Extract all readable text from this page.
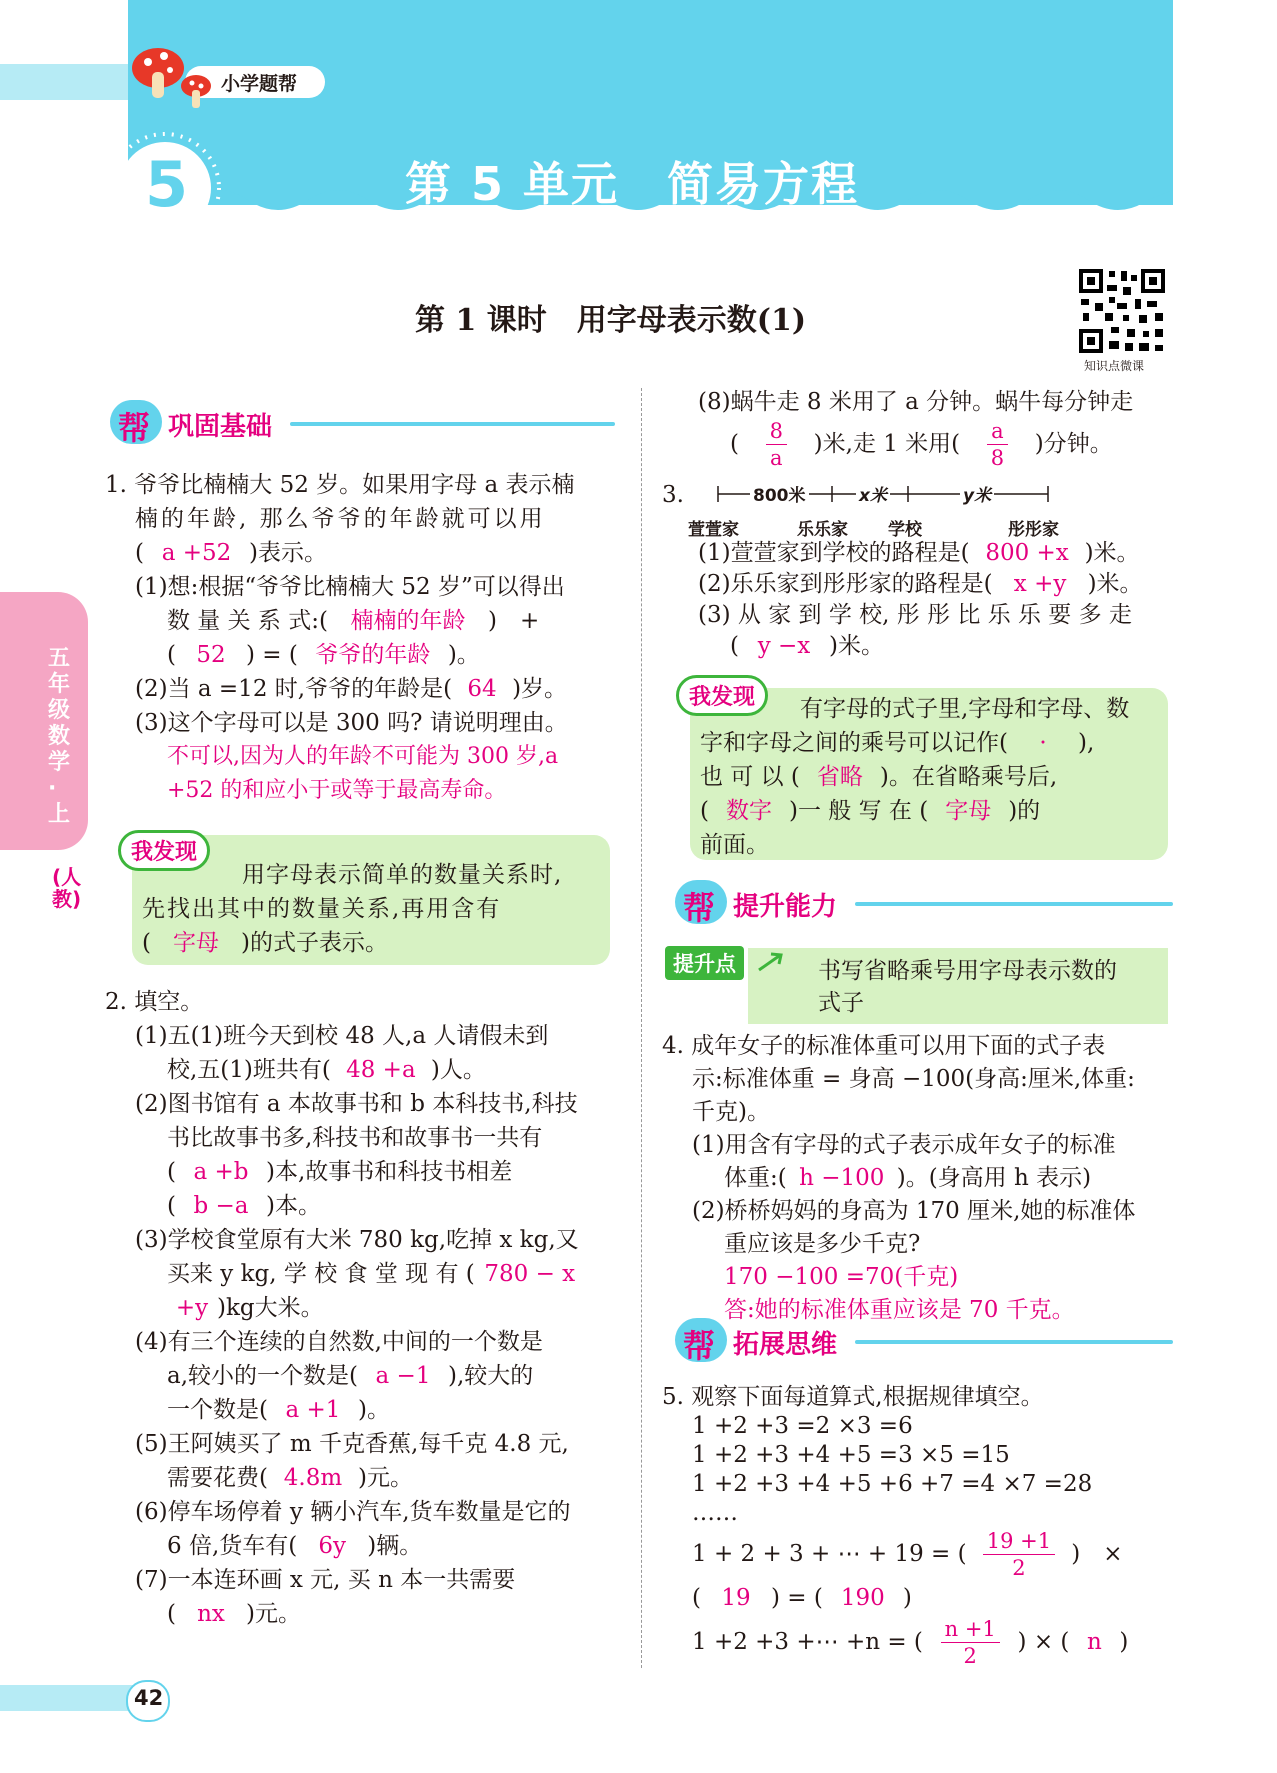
小学题帮
5	第 5 单元　简易方程
第 1 课时　用字母表示数(1)
知识点微课
五年级数学·上
(人教)
帮 巩固基础

1. 爷爷比楠楠大 52 岁。如果用字母 a 表示楠

楠的年龄, 那么爷爷的年龄就可以用

( a +52 )表示。

(1)想:根据“爷爷比楠楠大 52 岁”可以得出

数 量 关 系 式:( 楠楠的年龄 )　+

( 52 ) = ( 爷爷的年龄 )。

(2)当 a =12 时,爷爷的年龄是( 64 )岁。

(3)这个字母可以是 300 吗? 请说明理由。

不可以,因为人的年龄不可能为 300 岁,a

+52 的和应小于或等于最高寿命。

我发现

用字母表示简单的数量关系时,

先找出其中的数量关系,再用含有

( 字母 )的式子表示。

2. 填空。

(1)五(1)班今天到校 48 人,a 人请假未到

校,五(1)班共有( 48 +a )人。

(2)图书馆有 a 本故事书和 b 本科技书,科技

书比故事书多,科技书和故事书一共有

( a +b )本,故事书和科技书相差

( b −a )本。

(3)学校食堂原有大米 780 kg,吃掉 x kg,又

买来 y kg, 学 校 食 堂 现 有 ( 780 − x

+y )kg大米。

(4)有三个连续的自然数,中间的一个数是

a,较小的一个数是( a −1 ),较大的

一个数是( a +1 )。

(5)王阿姨买了 m 千克香蕉,每千克 4.8 元,

需要花费( 4.8m )元。

(6)停车场停着 y 辆小汽车,货车数量是它的

6 倍,货车有( 6y )辆。

(7)一本连环画 x 元, 买 n 本一共需要

( nx )元。

(8)蜗牛走 8 米用了 a 分钟。蜗牛每分钟走

( $\frac{8}{a}$ )米,走 1 米用( $\frac{a}{8}$ )分钟。

3.	800米	x米	y米
萱萱家	乐乐家 学校	彤彤家

(1)萱萱家到学校的路程是( 800 +x )米。

(2)乐乐家到彤彤家的路程是( x +y )米。

(3) 从 家 到 学 校, 彤 彤 比 乐 乐 要 多 走

( y −x )米。

我发现	有字母的式子里,字母和字母、数

字和字母之间的乘号可以记作( · ),

也 可 以 ( 省略 )。在省略乘号后,

( 数字 )一 般 写 在 ( 字母 )的

前面。

帮 提升能力
提升点	书写省略乘号用字母表示数的

式子

4. 成年女子的标准体重可以用下面的式子表

示:标准体重 = 身高 −100(身高:厘米,体重:

千克)。

(1)用含有字母的式子表示成年女子的标准

体重:( h −100 )。(身高用 h 表示)

(2)桥桥妈妈的身高为 170 厘米,她的标准体

重应该是多少千克?

170 −100 =70(千克)

答:她的标准体重应该是 70 千克。

帮 拓展思维

5. 观察下面每道算式,根据规律填空。

1 +2 +3 =2 ×3 =6

1 +2 +3 +4 +5 =3 ×5 =15

1 +2 +3 +4 +5 +6 +7 =4 ×7 =28

……

1 + 2 + 3 + ⋯ + 19 = ( $\frac{19 +1}{2}$ )　×

( 19 ) = ( 190 )

1 +2 +3 +⋯ +n = ( $\frac{n +1}{2}$ ) × ( n )

42
